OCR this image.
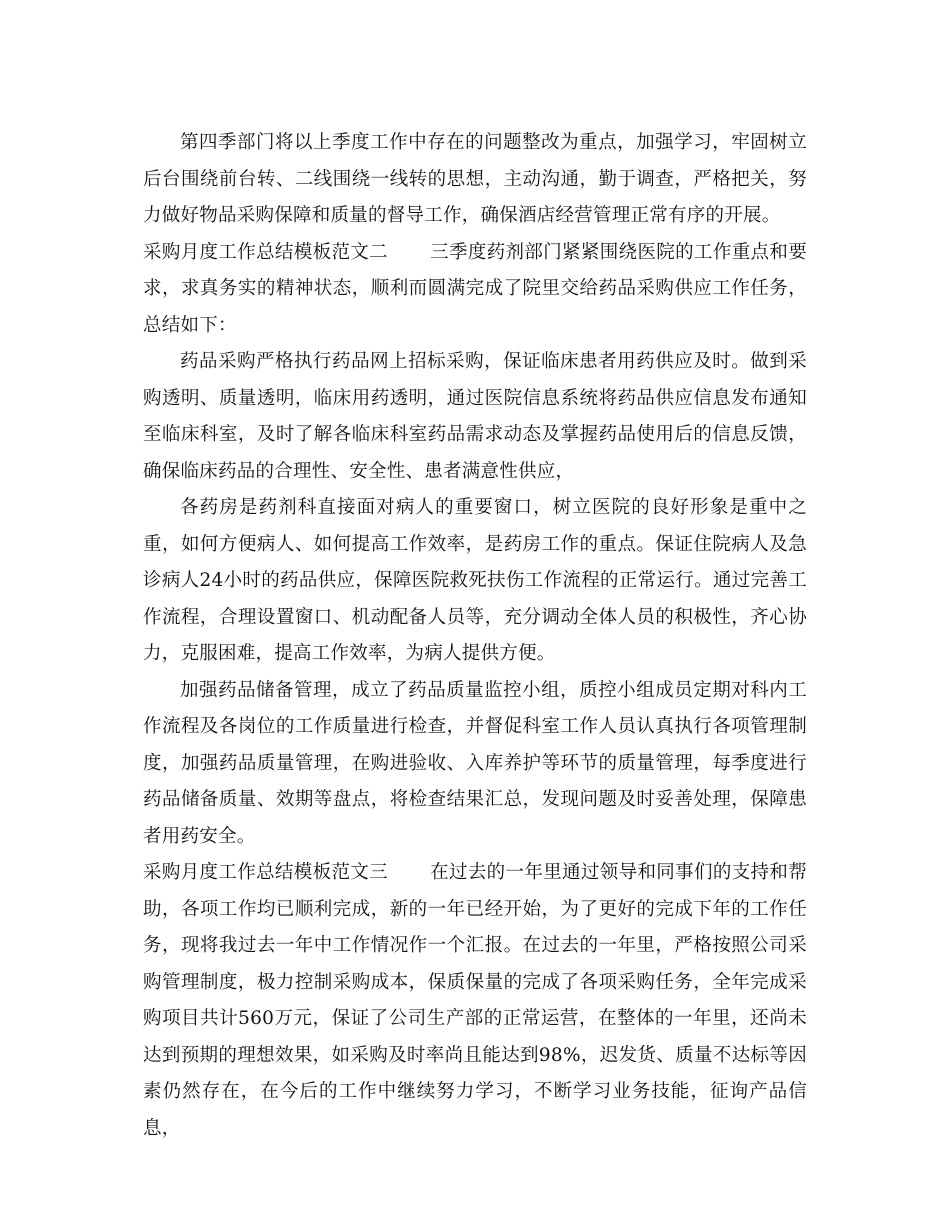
第四季部门将以上季度工作中存在的问题整改为重点，加强学习，牢固树立后台围绕前台转、二线围绕一线转的思想，主动沟通，勤于调查，严格把关，努力做好物品采购保障和质量的督导工作，确保酒店经营管理正常有序的开展。

采购月度工作总结模板范文二 三季度药剂部门紧紧围绕医院的工作重点和要求，求真务实的精神状态，顺利而圆满完成了院里交给药品采购供应工作任务，总结如下：

药品采购严格执行药品网上招标采购，保证临床患者用药供应及时。做到采购透明、质量透明，临床用药透明，通过医院信息系统将药品供应信息发布通知至临床科室，及时了解各临床科室药品需求动态及掌握药品使用后的信息反馈，确保临床药品的合理性、安全性、患者满意性供应，

各药房是药剂科直接面对病人的重要窗口，树立医院的良好形象是重中之重，如何方便病人、如何提高工作效率，是药房工作的重点。保证住院病人及急诊病人24小时的药品供应，保障医院救死扶伤工作流程的正常运行。通过完善工作流程，合理设置窗口、机动配备人员等，充分调动全体人员的积极性，齐心协力，克服困难，提高工作效率，为病人提供方便。

加强药品储备管理，成立了药品质量监控小组，质控小组成员定期对科内工作流程及各岗位的工作质量进行检查，并督促科室工作人员认真执行各项管理制度，加强药品质量管理，在购进验收、入库养护等环节的质量管理，每季度进行药品储备质量、效期等盘点，将检查结果汇总，发现问题及时妥善处理，保障患者用药安全。

采购月度工作总结模板范文三 在过去的一年里通过领导和同事们的支持和帮助，各项工作均已顺利完成，新的一年已经开始，为了更好的完成下年的工作任务，现将我过去一年中工作情况作一个汇报。在过去的一年里，严格按照公司采购管理制度，极力控制采购成本，保质保量的完成了各项采购任务，全年完成采购项目共计560万元，保证了公司生产部的正常运营，在整体的一年里，还尚未达到预期的理想效果，如采购及时率尚且能达到98%，迟发货、质量不达标等因素仍然存在，在今后的工作中继续努力学习，不断学习业务技能，征询产品信息，
